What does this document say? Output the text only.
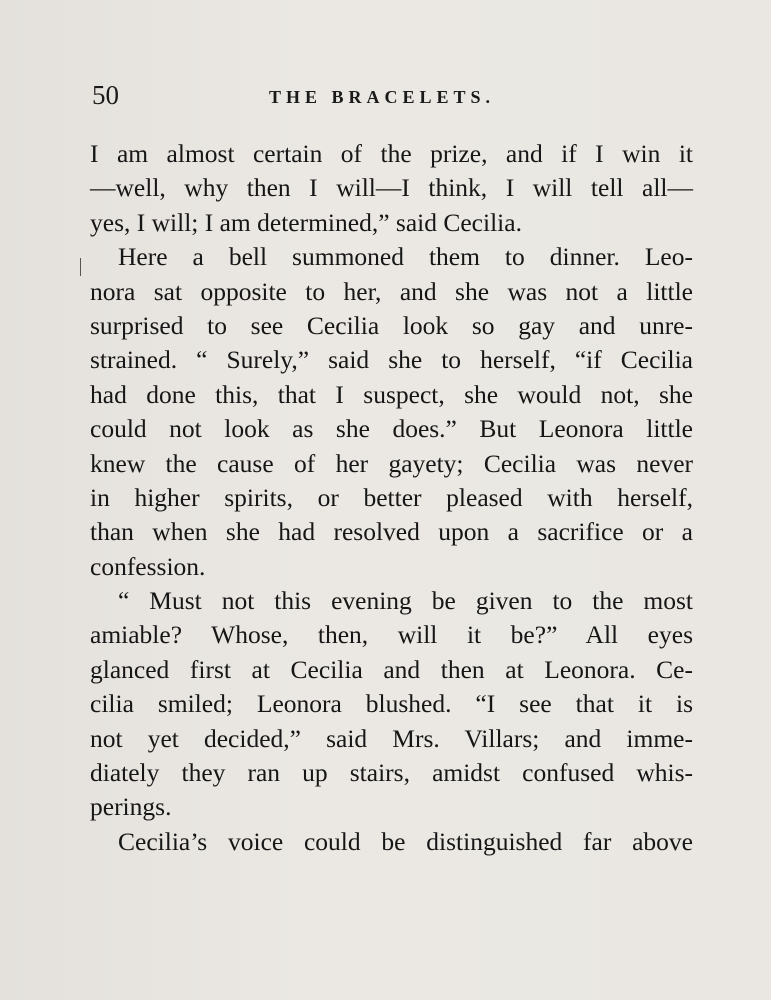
50	THE BRACELETS.
I am almost certain of the prize, and if I win it
—well, why then I will—I think, I will tell all—
yes, I will; I am determined,” said Cecilia.
Here a bell summoned them to dinner. Leo-
nora sat opposite to her, and she was not a little
surprised to see Cecilia look so gay and unre-
strained. “ Surely,” said she to herself, “if Cecilia
had done this, that I suspect, she would not, she
could not look as she does.” But Leonora little
knew the cause of her gayety; Cecilia was never
in higher spirits, or better pleased with herself,
than when she had resolved upon a sacrifice or a
confession.
“ Must not this evening be given to the most
amiable? Whose, then, will it be?” All eyes
glanced first at Cecilia and then at Leonora. Ce-
cilia smiled; Leonora blushed. “I see that it is
not yet decided,” said Mrs. Villars; and imme-
diately they ran up stairs, amidst confused whis-
perings.
Cecilia’s voice could be distinguished far above
